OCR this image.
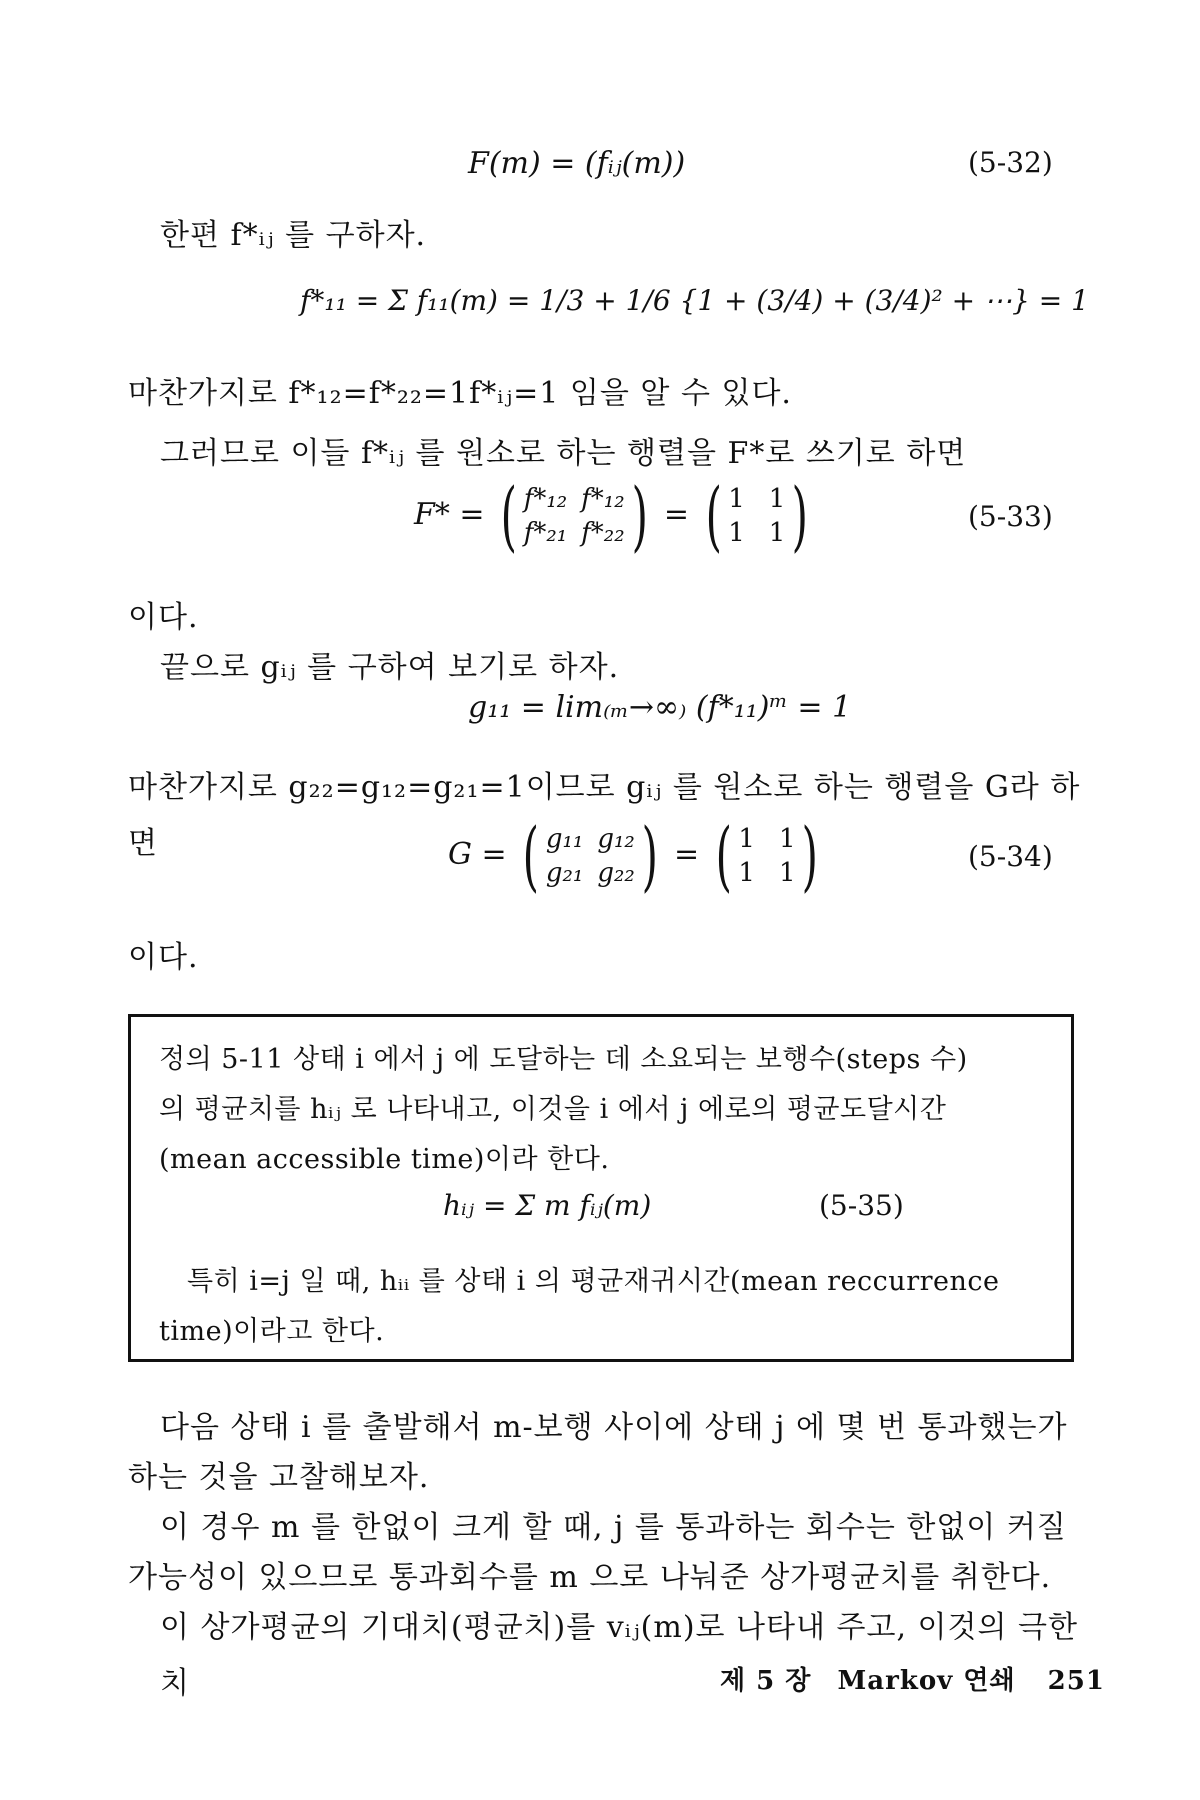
F(m) = (fᵢⱼ(m))	(5-32)
한편 f*ᵢⱼ 를 구하자.
f*₁₁ = Σ f₁₁(m) = 1/3 + 1/6 {1 + (3/4) + (3/4)² + ⋯} = 1
마찬가지로 f*₁₂=f*₂₂=1f*ᵢⱼ=1 임을 알 수 있다.
그러므로 이들 f*ᵢⱼ 를 원소로 하는 행렬을 F*로 쓰기로 하면
F* = ( f*₁₂ f*₁₂
f*₂₁ f*₂₂ ) = ( 1 1
1 1 )	(5-33)
이다.
끝으로 gᵢⱼ 를 구하여 보기로 하자.
g₁₁ = lim₍ₘ→∞₎ (f*₁₁)ᵐ = 1
마찬가지로 g₂₂=g₁₂=g₂₁=1이므로 gᵢⱼ 를 원소로 하는 행렬을 G라 하면	G = ( g₁₁ g₁₂
g₂₁ g₂₂ ) = ( 1 1
1 1 )	(5-34)
이다.
정의 5-11 상태 i 에서 j 에 도달하는 데 소요되는 보행수(steps 수)
의 평균치를 hᵢⱼ 로 나타내고, 이것을 i 에서 j 에로의 평균도달시간
(mean accessible time)이라 한다.
hᵢⱼ = Σ m fᵢⱼ(m)	(5-35)
특히 i=j 일 때, hᵢᵢ 를 상태 i 의 평균재귀시간(mean reccurrence
time)이라고 한다.
다음 상태 i 를 출발해서 m-보행 사이에 상태 j 에 몇 번 통과했는가
하는 것을 고찰해보자.
이 경우 m 를 한없이 크게 할 때, j 를 통과하는 회수는 한없이 커질
가능성이 있으므로 통과회수를 m 으로 나눠준 상가평균치를 취한다.
이 상가평균의 기대치(평균치)를 vᵢⱼ(m)로 나타내 주고, 이것의 극한치	제 5 장 Markov 연쇄 251
